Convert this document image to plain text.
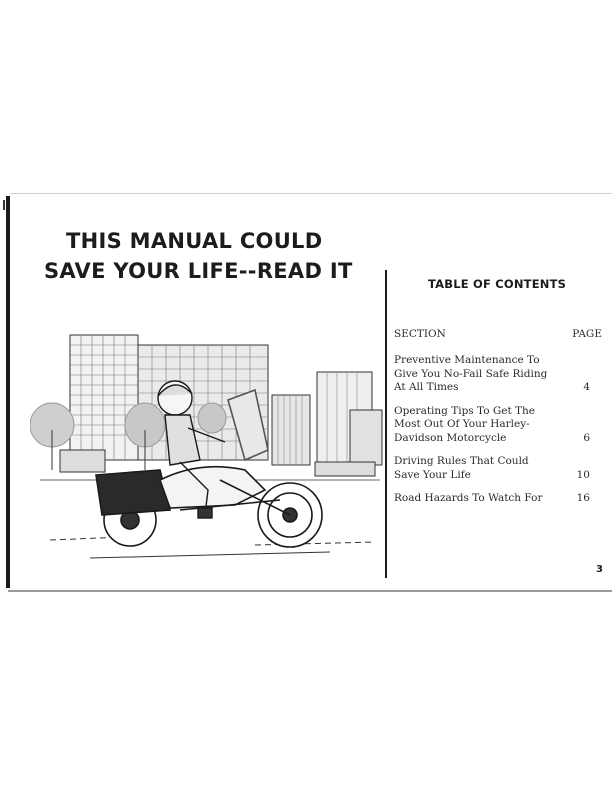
THIS MANUAL COULD
SAVE YOUR LIFE--READ IT
TABLE OF CONTENTS
SECTION	PAGE
Preventive Maintenance To Give You No-Fail Safe Riding At All Times	4
Operating Tips To Get The Most Out Of Your Harley-Davidson Motorcycle	6
Driving Rules That Could Save Your Life	10
Road Hazards To Watch For	16
3
